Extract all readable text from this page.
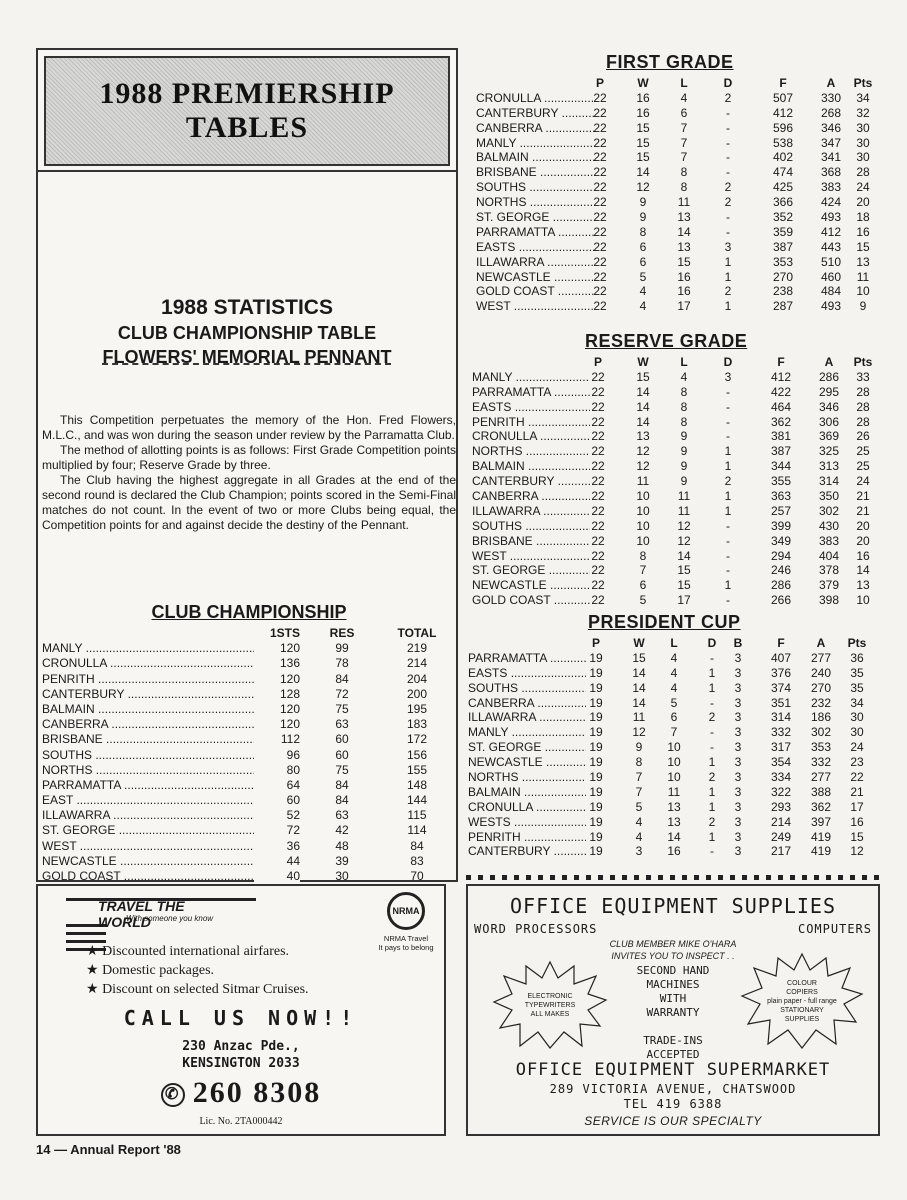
1988 PREMIERSHIP
TABLES
1988 STATISTICS
CLUB CHAMPIONSHIP TABLE
FLOWERS' MEMORIAL PENNANT

This Competition perpetuates the memory of the Hon. Fred Flowers, M.L.C., and was won during the season under review by the Parramatta Club.

The method of allotting points is as follows: First Grade Competition points multiplied by four; Reserve Grade by three.

The Club having the highest aggregate in all Grades at the end of the second round is declared the Club Champion; points scored in the Semi-Final matches do not count. In the event of two or more Clubs being equal, the Competition points for and against decide the destiny of the Pennant.

CLUB CHAMPIONSHIP
1STS	RES	TOTAL
MANLY .....	120	99	219
CRONULLA .....	136	78	214
PENRITH .....	120	84	204
CANTERBURY .....	128	72	200
BALMAIN .....	120	75	195
CANBERRA .....	120	63	183
BRISBANE .....	112	60	172
SOUTHS .....	96	60	156
NORTHS .....	80	75	155
PARRAMATTA .....	64	84	148
EAST .....	60	84	144
ILLAWARRA .....	52	63	115
ST. GEORGE .....	72	42	114
WEST .....	36	48	84
NEWCASTLE .....	44	39	83
GOLD COAST .....	40	30	70
FIRST GRADE
P	W	L	D	F	A	Pts
CRONULLA .....	22	16	4	2	507	330	34
CANTERBURY .....	22	16	6	-	412	268	32
CANBERRA .....	22	15	7	-	596	346	30
MANLY .....	22	15	7	-	538	347	30
BALMAIN .....	22	15	7	-	402	341	30
BRISBANE .....	22	14	8	-	474	368	28
SOUTHS .....	22	12	8	2	425	383	24
NORTHS .....	22	9	11	2	366	424	20
ST. GEORGE .....	22	9	13	-	352	493	18
PARRAMATTA .....	22	8	14	-	359	412	16
EASTS .....	22	6	13	3	387	443	15
ILLAWARRA .....	22	6	15	1	353	510	13
NEWCASTLE .....	22	5	16	1	270	460	11
GOLD COAST .....	22	4	16	2	238	484	10
WEST .....	22	4	17	1	287	493	9
RESERVE GRADE
P	W	L	D	F	A	Pts
MANLY .....	22	15	4	3	412	286	33
PARRAMATTA .....	22	14	8	-	422	295	28
EASTS .....	22	14	8	-	464	346	28
PENRITH .....	22	14	8	-	362	306	28
CRONULLA .....	22	13	9	-	381	369	26
NORTHS .....	22	12	9	1	387	325	25
BALMAIN .....	22	12	9	1	344	313	25
CANTERBURY .....	22	11	9	2	355	314	24
CANBERRA .....	22	10	11	1	363	350	21
ILLAWARRA .....	22	10	11	1	257	302	21
SOUTHS .....	22	10	12	-	399	430	20
BRISBANE .....	22	10	12	-	349	383	20
WEST .....	22	8	14	-	294	404	16
ST. GEORGE .....	22	7	15	-	246	378	14
NEWCASTLE .....	22	6	15	1	286	379	13
GOLD COAST .....	22	5	17	-	266	398	10
PRESIDENT CUP
P	W	L	D	B	F	A	Pts
PARRAMATTA .....	19	15	4	-	3	407	277	36
EASTS .....	19	14	4	1	3	376	240	35
SOUTHS .....	19	14	4	1	3	374	270	35
CANBERRA .....	19	14	5	-	3	351	232	34
ILLAWARRA .....	19	11	6	2	3	314	186	30
MANLY .....	19	12	7	-	3	332	302	30
ST. GEORGE .....	19	9	10	-	3	317	353	24
NEWCASTLE .....	19	8	10	1	3	354	332	23
NORTHS .....	19	7	10	2	3	334	277	22
BALMAIN .....	19	7	11	1	3	322	388	21
CRONULLA .....	19	5	13	1	3	293	362	17
WESTS .....	19	4	13	2	3	214	397	16
PENRITH .....	19	4	14	1	3	249	419	15
CANTERBURY .....	19	3	16	-	3	217	419	12
TRAVEL THE WORLD
With someone you know
NRMA
NRMA Travel
It pays to belong
★ Discounted international airfares.
★ Domestic packages.
★ Discount on selected Sitmar Cruises.
CALL US NOW!!
230 Anzac Pde.,
KENSINGTON 2033
✆ 260 8308
Lic. No. 2TA000442
OFFICE EQUIPMENT SUPPLIES
WORD PROCESSORS	COMPUTERS
CLUB MEMBER MIKE O'HARA
INVITES YOU TO INSPECT . .
SECOND HAND
MACHINES
WITH
WARRANTY
ELECTRONIC
TYPEWRITERS
ALL MAKES
COLOUR
COPIERS
plain paper - full range
STATIONARY
SUPPLIES
TRADE-INS
ACCEPTED
OFFICE EQUIPMENT SUPERMARKET
289 VICTORIA AVENUE, CHATSWOOD
TEL 419 6388
SERVICE IS OUR SPECIALTY
14 — Annual Report '88
